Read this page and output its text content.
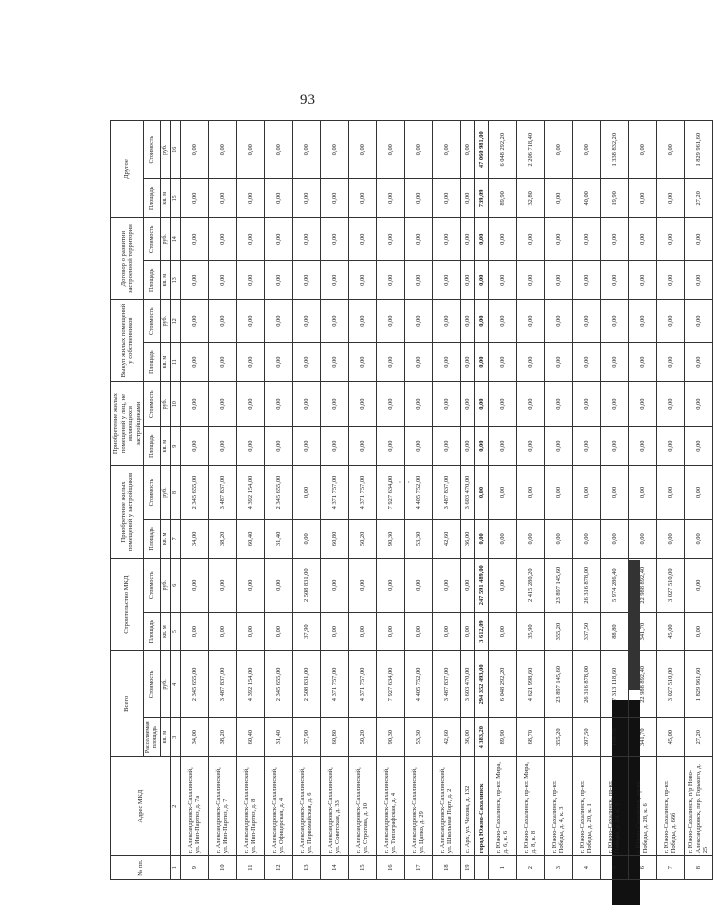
93
· · ·
№ пп.	Адрес МКД	Всего		Строительство МКД		Приобретение жилых помещений у застройщиков		Приобретение жилых помещений у лиц, не являющихся застройщиками		Выкуп жилых помещений у собственников		Договор о развитии застроенной территории		Другое	
		Расселяемая площадь	Стоимость	Площадь	Стоимость	Площадь	Стоимость	Площадь	Стоимость	Площадь	Стоимость	Площадь	Стоимость	Площадь	Стоимость
		кв. м	руб.	кв. м	руб.	кв. м	руб.	кв. м	руб.	кв. м	руб.	кв. м	руб.	кв. м	руб.
1	2	3	4	5	6	7	8	9	10	11	12	13	14	15	16
9	г. Александровск-Сахалинский, ул. Ивп-Партиз, д. 7а	34,00	2 345 655,00	0,00	0,00	34,00	2 345 655,00	0,00	0,00	0,00	0,00	0,00	0,00	0,00	0,00
10	г. Александровск-Сахалинский, ул. Ивп-Партиз, д. 7	38,20	3 487 837,00	0,00	0,00	38,20	3 487 837,00	0,00	0,00	0,00	0,00	0,00	0,00	0,00	0,00
11	г. Александровск-Сахалинский, ул. Ивп-Партиз, д. 8	60,40	4 392 154,00	0,00	0,00	60,40	4 392 154,00	0,00	0,00	0,00	0,00	0,00	0,00	0,00	0,00
12	г. Александровск-Сахалинский, ул. Офицерская, д. 4	31,40	2 345 655,00	0,00	0,00	31,40	2 345 655,00	0,00	0,00	0,00	0,00	0,00	0,00	0,00	0,00
13	г. Александровск-Сахалинский, ул. Первомайская, д. 6	37,90	2 508 831,00	37,90	2 508 831,00	0,00	0,00	0,00	0,00	0,00	0,00	0,00	0,00	0,00	0,00
14	г. Александровск-Сахалинский, ул. Советская, д. 33	60,80	4 371 757,00	0,00	0,00	60,80	4 371 757,00	0,00	0,00	0,00	0,00	0,00	0,00	0,00	0,00
15	г. Александровск-Сахалинский, ул. Строгова, д. 10	50,20	4 371 757,00	0,00	0,00	50,20	4 371 757,00	0,00	0,00	0,00	0,00	0,00	0,00	0,00	0,00
16	г. Александровск-Сахалинский, ул. Типографская, д. 4	90,30	7 927 634,00	0,00	0,00	90,30	7 927 634,00	0,00	0,00	0,00	0,00	0,00	0,00	0,00	0,00
17	г. Александровск-Сахалинский, ул. Цапко, д. 29	53,30	4 405 752,00	0,00	0,00	53,30	4 405 752,00	0,00	0,00	0,00	0,00	0,00	0,00	0,00	0,00
18	г. Александровск-Сахалинский, ул. Школьная Порт, д. 2	42,60	3 487 837,00	0,00	0,00	42,60	3 487 837,00	0,00	0,00	0,00	0,00	0,00	0,00	0,00	0,00
19	с. Арх, ул. Чехова, д. 132	36,00	3 603 470,00	0,00	0,00	36,00	3 603 470,00	0,00	0,00	0,00	0,00	0,00	0,00	0,00	0,00
	город Южно-Сахалинск	4 383,20	294 352 493,00	3 612,09	247 591 489,00	0,00	0,00	0,00	0,00	0,00	0,00	0,00	0,00	739,09	47 060 981,00
1	г. Южно-Сахалинск, пр-кт. Мира, д. 6, к. 6	89,90	6 048 292,20	0,00	0,00	0,00	0,00	0,00	0,00	0,00	0,00	0,00	0,00	89,90	6 048 292,20
2	г. Южно-Сахалинск, пр-кт. Мира, д. 8, к. 8	68,70	4 621 998,60	35,90	2 415 280,20	0,00	0,00	0,00	0,00	0,00	0,00	0,00	0,00	32,80	2 206 718,40
3	г. Южно-Сахалинск, пр-кт. Победы, д. 4, к. 3	355,20	23 897 145,60	355,20	23 897 145,60	0,00	0,00	0,00	0,00	0,00	0,00	0,00	0,00	0,00	0,00
4	г. Южно-Сахалинск, пр-кт. Победы, д. 20, к. 1	397,50	26 316 878,00	337,50	26 316 878,00	0,00	0,00	0,00	0,00	0,00	0,00	0,00	0,00	40,00	0,00
5	г. Южно-Сахалинск, пр-кт. Победы, д. 24, к. 3	108,70	7 313 118,60	88,80	5 974 286,40	0,00	0,00	0,00	0,00	0,00	0,00	0,00	0,00	19,90	1 338 832,20
6	г. Южно-Сахалинск, пр-кт. Победы, д. 28, к. 6	341,70	22 988 892,40	341,70	22 988 892,40	0,00	0,00	0,00	0,00	0,00	0,00	0,00	0,00	0,00	0,00
7	г. Южно-Сахалинск, пр-кт. Победы, д. 66б	45,00	3 027 510,00	45,00	3 027 510,00	0,00	0,00	0,00	0,00	0,00	0,00	0,00	0,00	0,00	0,00
8	г. Южно-Сахалинск, п/р Ново-Александровск, пер. Горького, д. 25	27,20	1 829 961,60	0,00	0,00	0,00	0,00	0,00	0,00	0,00	0,00	0,00	0,00	27,20	1 829 961,60
